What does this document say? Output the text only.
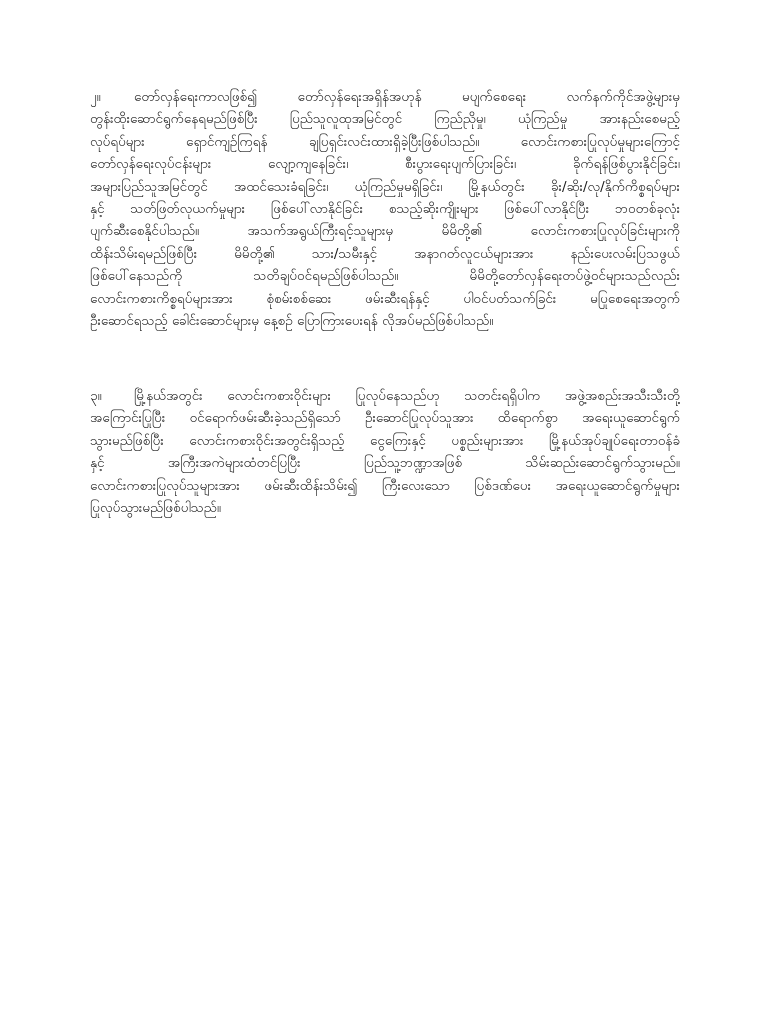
၂။ တော်လှန်ရေးကာလဖြစ်၍ တော်လှန်ရေးအရှိန်အဟုန် မပျက်စေရေး လက်နက်ကိုင်အဖွဲ့များမှ
တွန်းထိုးဆောင်ရွက်နေရမည်ဖြစ်ပြီး ပြည်သူလူထုအမြင်တွင် ကြည်ညိုမှု၊ ယုံကြည်မှု အားနည်းစေမည့်
လုပ်ရပ်များ ရှောင်ကျဉ်ကြရန် ချပြရှင်းလင်းထားရှိခဲ့ပြီးဖြစ်ပါသည်။ လောင်းကစားပြုလုပ်မှုများကြောင့်
တော်လှန်ရေးလုပ်ငန်းများ လျော့ကျနေခြင်း၊ စီးပွားရေးပျက်ပြားခြင်း၊ ခိုက်ရန်ဖြစ်ပွားနိုင်ခြင်း၊
အများပြည်သူအမြင်တွင် အထင်သေးခံရခြင်း၊ ယုံကြည်မှုမရှိခြင်း၊ မြို့နယ်တွင်း ခိုး/ဆိုး/လု/နိုက်ကိစ္စရပ်များ
နှင့် သတ်ဖြတ်လုယက်မှုများ ဖြစ်ပေါ်လာနိုင်ခြင်း စသည့်ဆိုးကျိုးများ ဖြစ်ပေါ်လာနိုင်ပြီး ဘဝတစ်ခုလုံး
ပျက်ဆီးစေနိုင်ပါသည်။ အသက်အရွယ်ကြီးရင့်သူများမှ မိမိတို့၏ လောင်းကစားပြုလုပ်ခြင်းများကို
ထိန်းသိမ်းရမည်ဖြစ်ပြီး မိမိတို့၏ သား/သမီးနှင့် အနာဂတ်လူငယ်များအား နည်းပေးလမ်းပြသဖွယ်
ဖြစ်ပေါ်နေသည်ကို သတိချပ်ဝင်ရမည်ဖြစ်ပါသည်။ မိမိတို့တော်လှန်ရေးတပ်ဖွဲ့ဝင်များသည်လည်း
လောင်းကစားကိစ္စရပ်များအား စုံစမ်းစစ်ဆေး ဖမ်းဆီးရန်နှင့် ပါဝင်ပတ်သက်ခြင်း မပြုစေရေးအတွက်
ဦးဆောင်ရသည့် ခေါင်းဆောင်များမှ နေ့စဉ် ပြောကြားပေးရန် လိုအပ်မည်ဖြစ်ပါသည်။
၃။ မြို့နယ်အတွင်း လောင်းကစားဝိုင်းများ ပြုလုပ်နေသည်ဟု သတင်းရရှိပါက အဖွဲ့အစည်းအသီးသီးတို့
အကြောင်းပြုပြီး ဝင်ရောက်ဖမ်းဆီးခဲ့သည်ရှိသော် ဦးဆောင်ပြုလုပ်သူအား ထိရောက်စွာ အရေးယူဆောင်ရွက်
သွားမည်ဖြစ်ပြီး လောင်းကစားဝိုင်းအတွင်းရှိသည့် ငွေကြေးနှင့် ပစ္စည်းများအား မြို့နယ်အုပ်ချုပ်ရေးတာဝန်ခံ
နှင့် အကြီးအကဲများထံတင်ပြပြီး ပြည်သူ့ဘဏ္ဍာအဖြစ် သိမ်းဆည်းဆောင်ရွက်သွားမည်။
လောင်းကစားပြုလုပ်သူများအား ဖမ်းဆီးထိန်းသိမ်း၍ ကြီးလေးသော ပြစ်ဒဏ်ပေး အရေးယူဆောင်ရွက်မှုများ
ပြုလုပ်သွားမည်ဖြစ်ပါသည်။
